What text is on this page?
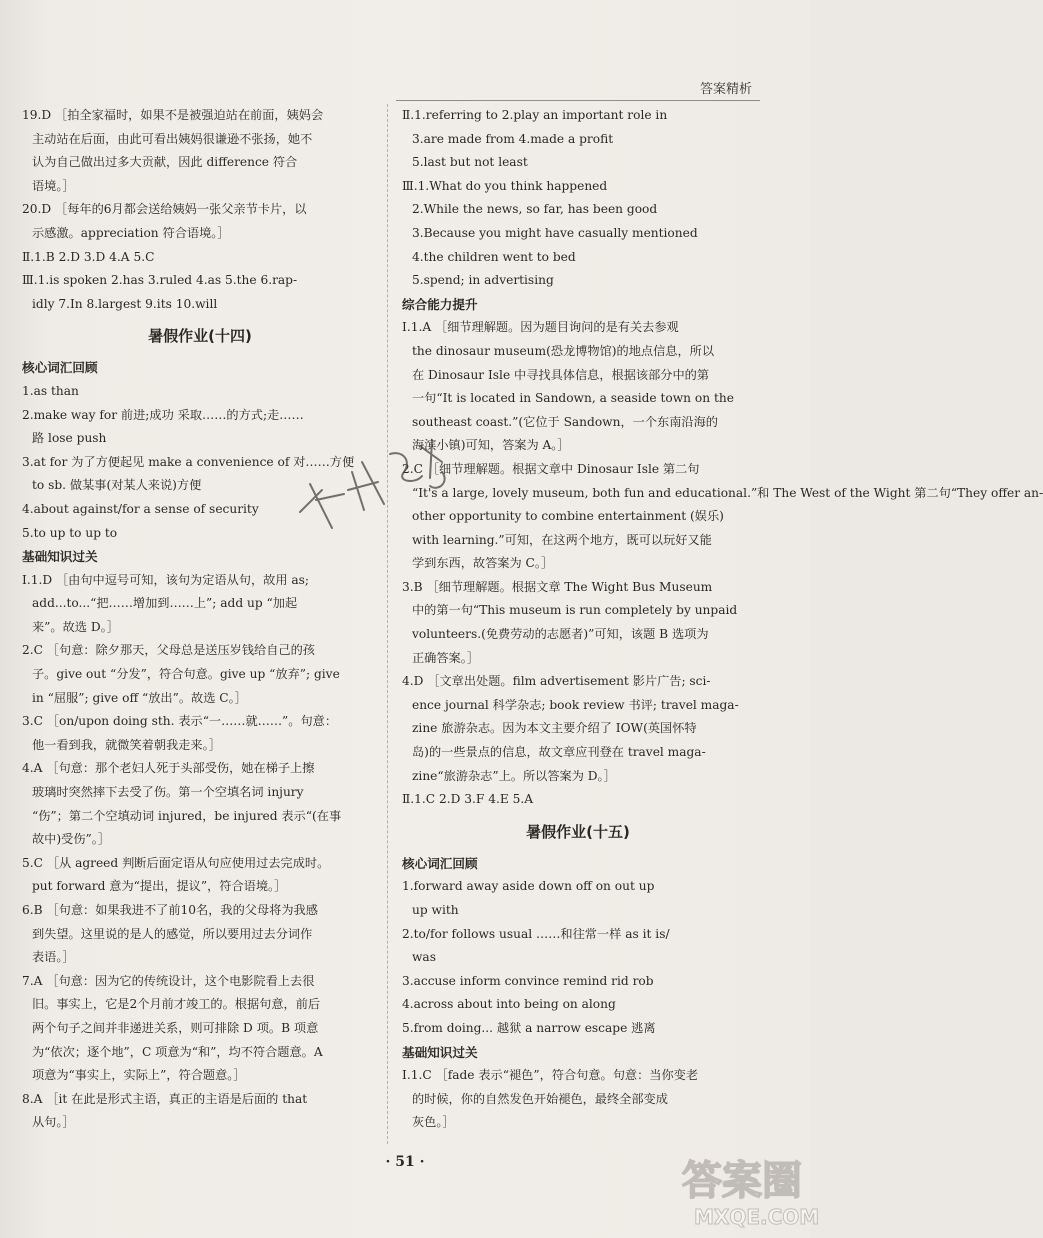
答案精析
19.D ［拍全家福时，如果不是被强迫站在前面，姨妈会
主动站在后面，由此可看出姨妈很谦逊不张扬，她不
认为自己做出过多大贡献，因此 difference 符合
语境。］
20.D ［每年的6月都会送给姨妈一张父亲节卡片，以
示感激。appreciation 符合语境。］
Ⅱ.1.B 2.D 3.D 4.A 5.C
Ⅲ.1.is spoken 2.has 3.ruled 4.as 5.the 6.rap-
idly 7.In 8.largest 9.its 10.will
暑假作业(十四)
核心词汇回顾
1.as than
2.make way for 前进;成功 采取……的方式;走……
路 lose push
3.at for 为了方便起见 make a convenience of 对……方便
to sb. 做某事(对某人来说)方便
4.about against/for a sense of security
5.to up to up to
基础知识过关
Ⅰ.1.D ［由句中逗号可知，该句为定语从句，故用 as;
add...to...“把……增加到……上”; add up “加起
来”。故选 D。］
2.C ［句意：除夕那天，父母总是送压岁钱给自己的孩
子。give out “分发”，符合句意。give up “放弃”; give
in “屈服”; give off “放出”。故选 C。］
3.C ［on/upon doing sth. 表示“一……就……”。句意：
他一看到我，就微笑着朝我走来。］
4.A ［句意：那个老妇人死于头部受伤，她在梯子上擦
玻璃时突然摔下去受了伤。第一个空填名词 injury
“伤”；第二个空填动词 injured，be injured 表示“(在事
故中)受伤”。］
5.C ［从 agreed 判断后面定语从句应使用过去完成时。
put forward 意为“提出，提议”，符合语境。］
6.B ［句意：如果我进不了前10名，我的父母将为我感
到失望。这里说的是人的感觉，所以要用过去分词作
表语。］
7.A ［句意：因为它的传统设计，这个电影院看上去很
旧。事实上，它是2个月前才竣工的。根据句意，前后
两个句子之间并非递进关系，则可排除 D 项。B 项意
为“依次；逐个地”，C 项意为“和”，均不符合题意。A
项意为“事实上，实际上”，符合题意。］
8.A ［it 在此是形式主语，真正的主语是后面的 that
从句。］
Ⅱ.1.referring to 2.play an important role in
3.are made from 4.made a profit
5.last but not least
Ⅲ.1.What do you think happened
2.While the news, so far, has been good
3.Because you might have casually mentioned
4.the children went to bed
5.spend; in advertising
综合能力提升
Ⅰ.1.A ［细节理解题。因为题目询问的是有关去参观
the dinosaur museum(恐龙博物馆)的地点信息，所以
在 Dinosaur Isle 中寻找具体信息，根据该部分中的第
一句“It is located in Sandown, a seaside town on the
southeast coast.”(它位于 Sandown，一个东南沿海的
海滨小镇)可知，答案为 A。］
2.C ［细节理解题。根据文章中 Dinosaur Isle 第二句
“It's a large, lovely museum, both fun and educational.”和 The West of the Wight 第二句“They offer an-
other opportunity to combine entertainment (娱乐)
with learning.”可知，在这两个地方，既可以玩好又能
学到东西，故答案为 C。］
3.B ［细节理解题。根据文章 The Wight Bus Museum
中的第一句“This museum is run completely by unpaid
volunteers.(免费劳动的志愿者)”可知，该题 B 选项为
正确答案。］
4.D ［文章出处题。film advertisement 影片广告; sci-
ence journal 科学杂志; book review 书评; travel maga-
zine 旅游杂志。因为本文主要介绍了 IOW(英国怀特
岛)的一些景点的信息，故文章应刊登在 travel maga-
zine“旅游杂志”上。所以答案为 D。］
Ⅱ.1.C 2.D 3.F 4.E 5.A
暑假作业(十五)
核心词汇回顾
1.forward away aside down off on out up
up with
2.to/for follows usual ……和往常一样 as it is/
was
3.accuse inform convince remind rid rob
4.across about into being on along
5.from doing... 越狱 a narrow escape 逃离
基础知识过关
Ⅰ.1.C ［fade 表示“褪色”，符合句意。句意：当你变老
的时候，你的自然发色开始褪色，最终全部变成
灰色。］
· 51 ·	答案圈
MXQE.COM
